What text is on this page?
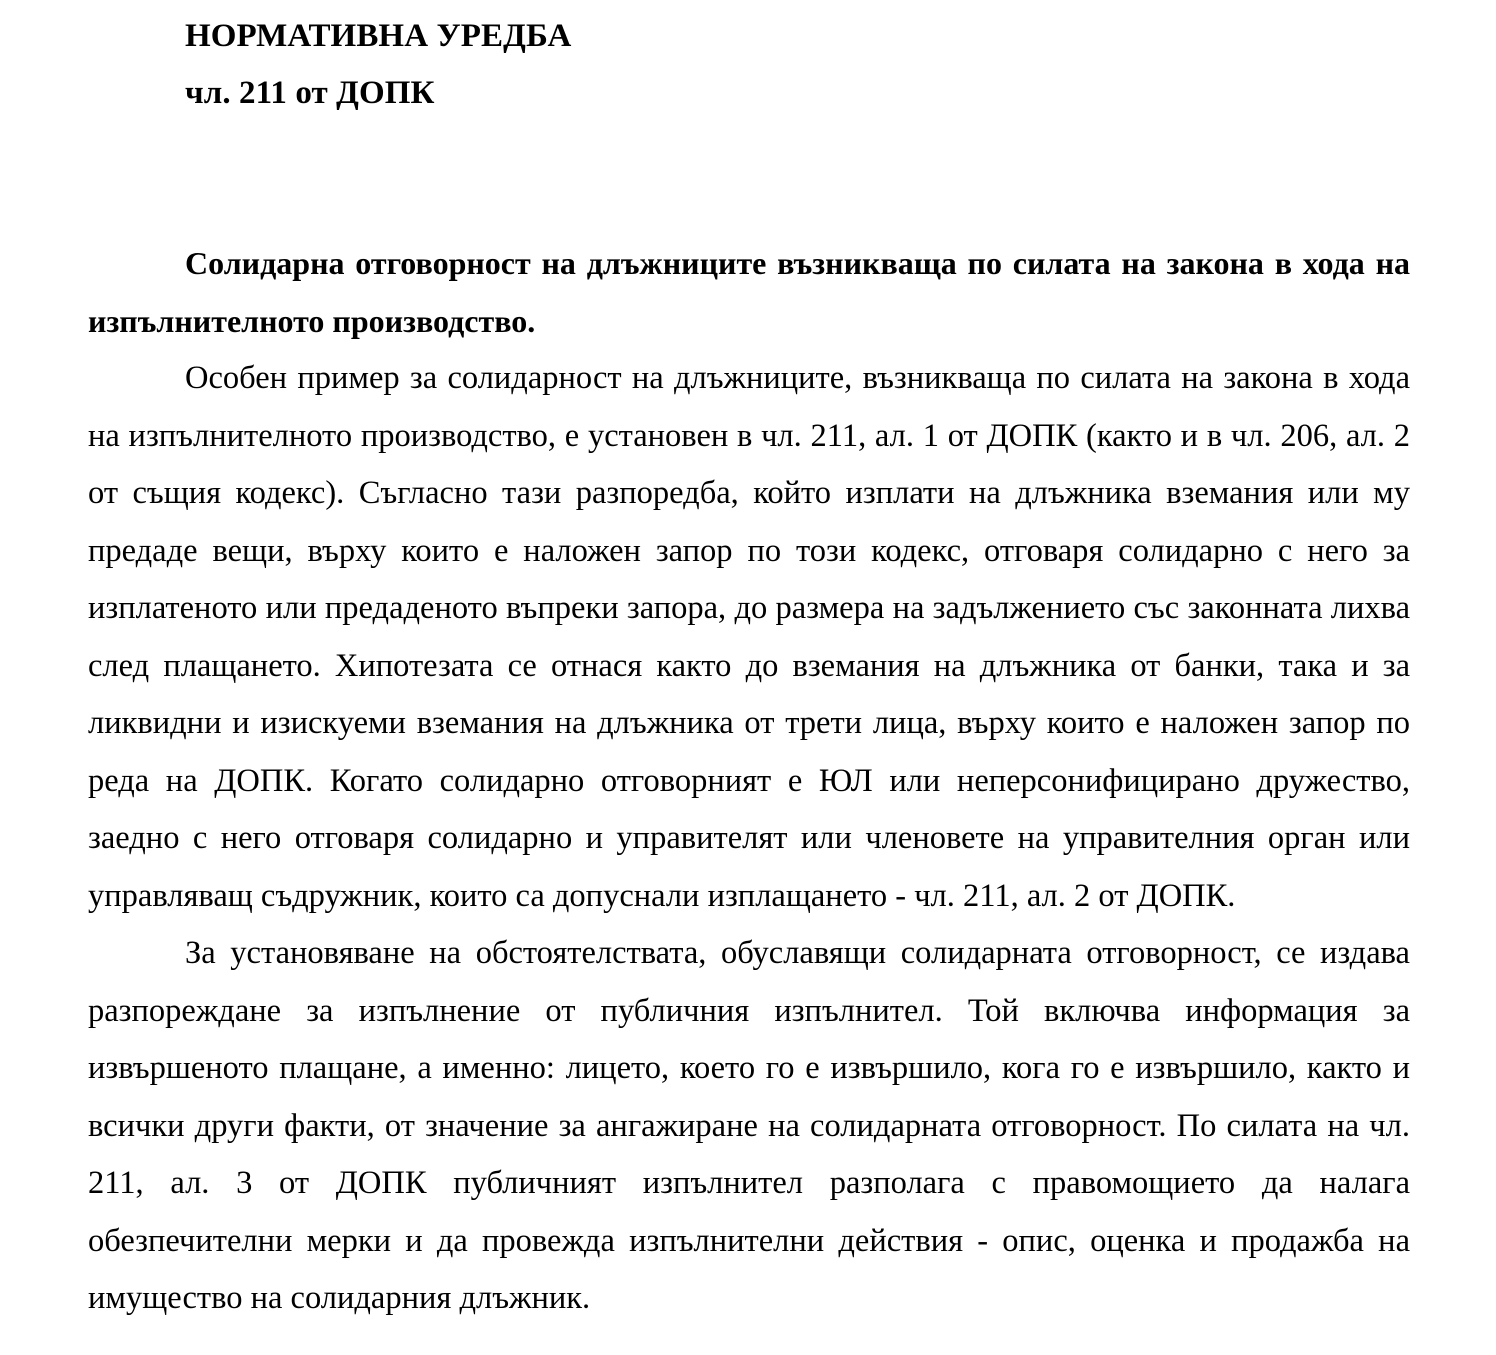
НОРМАТИВНА УРЕДБА
чл. 211 от ДОПК

Солидарна отговорност на длъжниците възникваща по силата на закона в хода на изпълнителното производство.

Особен пример за солидарност на длъжниците, възникваща по силата на закона в хода на изпълнителното производство, е установен в чл. 211, ал. 1 от ДОПК (както и в чл. 206, ал. 2 от същия кодекс). Съгласно тази разпоредба, който изплати на длъжника вземания или му предаде вещи, върху които е наложен запор по този кодекс, отговаря солидарно с него за изплатеното или предаденото въпреки запора, до размера на задължението със законната лихва след плащането. Хипотезата се отнася както до вземания на длъжника от банки, така и за ликвидни и изискуеми вземания на длъжника от трети лица, върху които е наложен запор по реда на ДОПК. Когато солидарно отговорният е ЮЛ или неперсонифицирано дружество, заедно с него отговаря солидарно и управителят или членовете на управителния орган или управляващ съдружник, които са допуснали изплащането - чл. 211, ал. 2 от ДОПК.

За установяване на обстоятелствата, обуславящи солидарната отговорност, се издава разпореждане за изпълнение от публичния изпълнител. Той включва информация за извършеното плащане, а именно: лицето, което го е извършило, кога го е извършило, както и всички други факти, от значение за ангажиране на солидарната отговорност. По силата на чл. 211, ал. 3 от ДОПК публичният изпълнител разполага с правомощието да налага обезпечителни мерки и да провежда изпълнителни действия - опис, оценка и продажба на имущество на солидарния длъжник.
